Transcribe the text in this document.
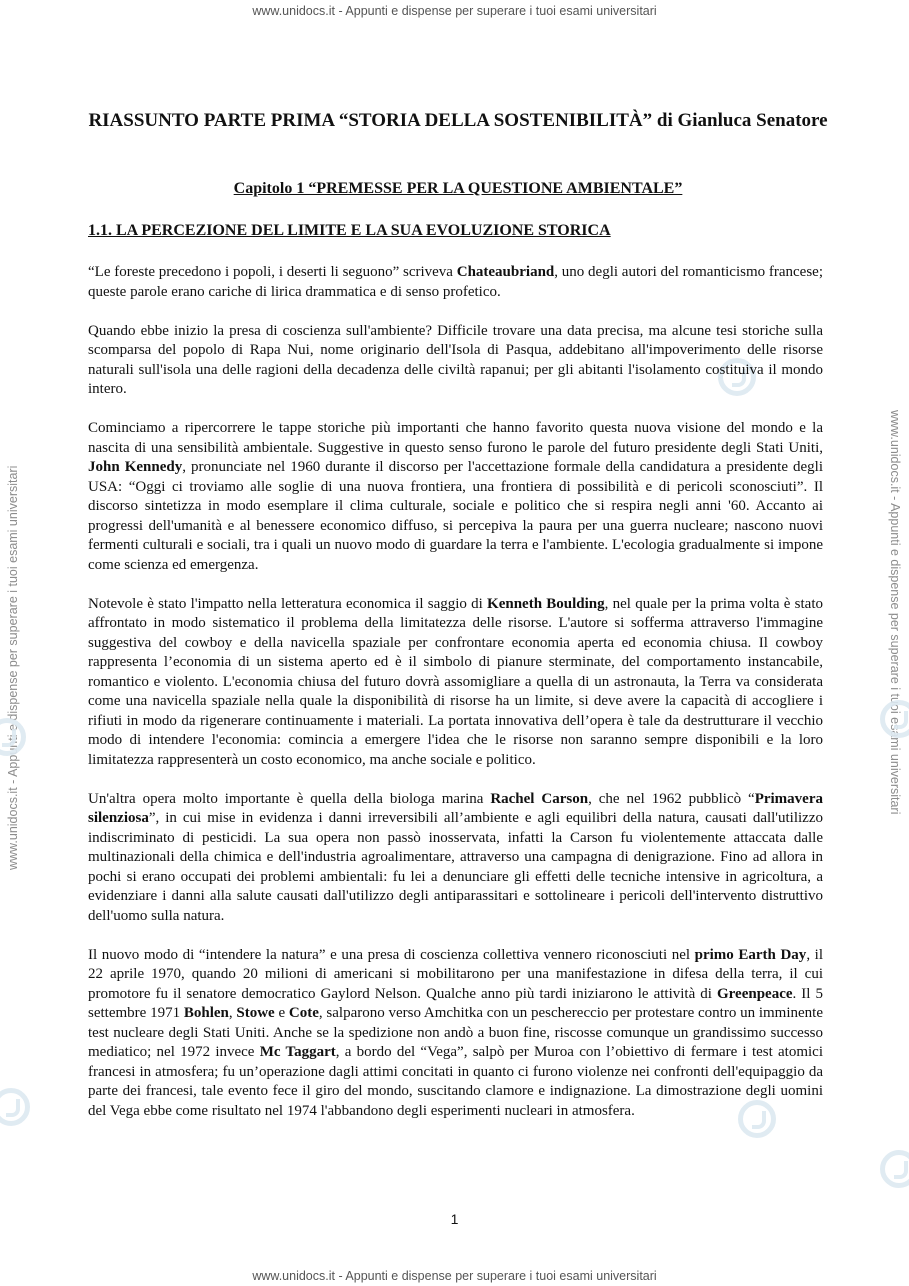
www.unidocs.it - Appunti e dispense per superare i tuoi esami universitari
www.unidocs.it - Appunti e dispense per superare i tuoi esami universitari
www.unidocs.it - Appunti e dispense per superare i tuoi esami universitari	www.unidocs.it - Appunti e dispense per superare i tuoi esami universitari
RIASSUNTO PARTE PRIMA “STORIA DELLA SOSTENIBILITÀ” di Gianluca Senatore
Capitolo 1 “PREMESSE PER LA QUESTIONE AMBIENTALE”
1.1. LA PERCEZIONE DEL LIMITE E LA SUA EVOLUZIONE STORICA

“Le foreste precedono i popoli, i deserti li seguono” scriveva Chateaubriand, uno degli autori del romanticismo francese; queste parole erano cariche di lirica drammatica e di senso profetico.

Quando ebbe inizio la presa di coscienza sull'ambiente? Difficile trovare una data precisa, ma alcune tesi storiche sulla scomparsa del popolo di Rapa Nui, nome originario dell'Isola di Pasqua, addebitano all'impoverimento delle risorse naturali sull'isola una delle ragioni della decadenza delle civiltà rapanui; per gli abitanti l'isolamento costituiva il mondo intero.

Cominciamo a ripercorrere le tappe storiche più importanti che hanno favorito questa nuova visione del mondo e la nascita di una sensibilità ambientale. Suggestive in questo senso furono le parole del futuro presidente degli Stati Uniti, John Kennedy, pronunciate nel 1960 durante il discorso per l'accettazione formale della candidatura a presidente degli USA: “Oggi ci troviamo alle soglie di una nuova frontiera, una frontiera di possibilità e di pericoli sconosciuti”. Il discorso sintetizza in modo esemplare il clima culturale, sociale e politico che si respira negli anni '60. Accanto ai progressi dell'umanità e al benessere economico diffuso, si percepiva la paura per una guerra nucleare; nascono nuovi fermenti culturali e sociali, tra i quali un nuovo modo di guardare la terra e l'ambiente. L'ecologia gradualmente si impone come scienza ed emergenza.

Notevole è stato l'impatto nella letteratura economica il saggio di Kenneth Boulding, nel quale per la prima volta è stato affrontato in modo sistematico il problema della limitatezza delle risorse. L'autore si sofferma attraverso l'immagine suggestiva del cowboy e della navicella spaziale per confrontare economia aperta ed economia chiusa. Il cowboy rappresenta l’economia di un sistema aperto ed è il simbolo di pianure sterminate, del comportamento instancabile, romantico e violento. L'economia chiusa del futuro dovrà assomigliare a quella di un astronauta, la Terra va considerata come una navicella spaziale nella quale la disponibilità di risorse ha un limite, si deve avere la capacità di accogliere i rifiuti in modo da rigenerare continuamente i materiali. La portata innovativa dell’opera è tale da destrutturare il vecchio modo di intendere l'economia: comincia a emergere l'idea che le risorse non saranno sempre disponibili e la loro limitatezza rappresenterà un costo economico, ma anche sociale e politico.

Un'altra opera molto importante è quella della biologa marina Rachel Carson, che nel 1962 pubblicò “Primavera silenziosa”, in cui mise in evidenza i danni irreversibili all’ambiente e agli equilibri della natura, causati dall'utilizzo indiscriminato di pesticidi. La sua opera non passò inosservata, infatti la Carson fu violentemente attaccata dalle multinazionali della chimica e dell'industria agroalimentare, attraverso una campagna di denigrazione. Fino ad allora in pochi si erano occupati dei problemi ambientali: fu lei a denunciare gli effetti delle tecniche intensive in agricoltura, a evidenziare i danni alla salute causati dall'utilizzo degli antiparassitari e sottolineare i pericoli dell'intervento distruttivo dell'uomo sulla natura.

Il nuovo modo di “intendere la natura” e una presa di coscienza collettiva vennero riconosciuti nel primo Earth Day, il 22 aprile 1970, quando 20 milioni di americani si mobilitarono per una manifestazione in difesa della terra, il cui promotore fu il senatore democratico Gaylord Nelson. Qualche anno più tardi iniziarono le attività di Greenpeace. Il 5 settembre 1971 Bohlen, Stowe e Cote, salparono verso Amchitka con un peschereccio per protestare contro un imminente test nucleare degli Stati Uniti. Anche se la spedizione non andò a buon fine, riscosse comunque un grandissimo successo mediatico; nel 1972 invece Mc Taggart, a bordo del “Vega”, salpò per Muroa con l’obiettivo di fermare i test atomici francesi in atmosfera; fu un’operazione dagli attimi concitati in quanto ci furono violenze nei confronti dell'equipaggio da parte dei francesi, tale evento fece il giro del mondo, suscitando clamore e indignazione. La dimostrazione degli uomini del Vega ebbe come risultato nel 1974 l'abbandono degli esperimenti nucleari in atmosfera.

1
